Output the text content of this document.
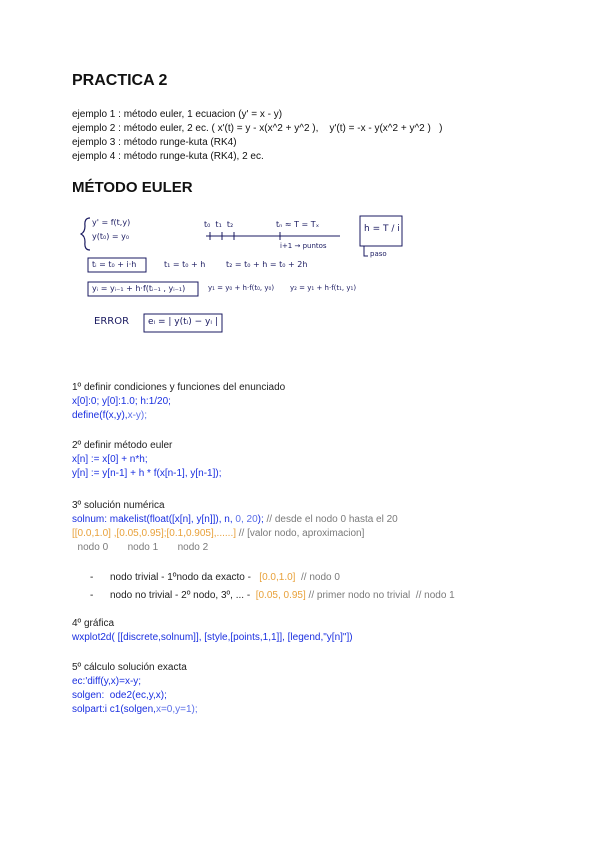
PRACTICA 2
ejemplo 1 : método euler, 1 ecuacion (y' = x - y)
ejemplo 2 : método euler, 2 ec. ( x'(t) = y - x(x^2 + y^2 ),    y'(t) = -x - y(x^2 + y^2 )   )
ejemplo 3 : método runge-kuta (RK4)
ejemplo 4 : método runge-kuta (RK4), 2 ec.
MÉTODO EULER
y' = f(t,y)
y(t₀) = y₀
t₀  t₁  t₂	tₙ ≈ T = Tₓ
i+1 → puntos
h = T / i
paso
tᵢ = t₀ + i·h	t₁ = t₀ + h	t₂ = t₀ + h = t₀ + 2h
yᵢ = yᵢ₋₁ + h·f(tᵢ₋₁ , yᵢ₋₁)	y₁ = y₀ + h·f(t₀, y₀) y₂ = y₁ + h·f(t₁, y₁)
ERROR eᵢ = | y(tᵢ) − yᵢ |
1º definir condiciones y funciones del enunciado
x[0]:0; y[0]:1.0; h:1/20;
define(f(x,y),x-y);
2º definir método euler
x[n] := x[0] + n*h;
y[n] := y[n-1] + h * f(x[n-1], y[n-1]);
3º solución numérica
solnum: makelist(float([x[n], y[n]]), n, 0, 20); // desde el nodo 0 hasta el 20
[[0.0,1.0] ,[0.05,0.95];[0.1,0.905],......] // [valor nodo, aproximacion]
nodo 0       nodo 1       nodo 2
- nodo trivial - 1ºnodo da exacto -   [0.0,1.0]  // nodo 0
- nodo no trivial - 2º nodo, 3º, ... -  [0.05, 0.95] // primer nodo no trivial  // nodo 1
4º gráfica
wxplot2d( [[discrete,solnum]], [style,[points,1,1]], [legend,"y[n]"])
5º cálculo solución exacta
ec:'diff(y,x)=x-y;
solgen:  ode2(ec,y,x);
solpart:i c1(solgen,x=0,y=1);
